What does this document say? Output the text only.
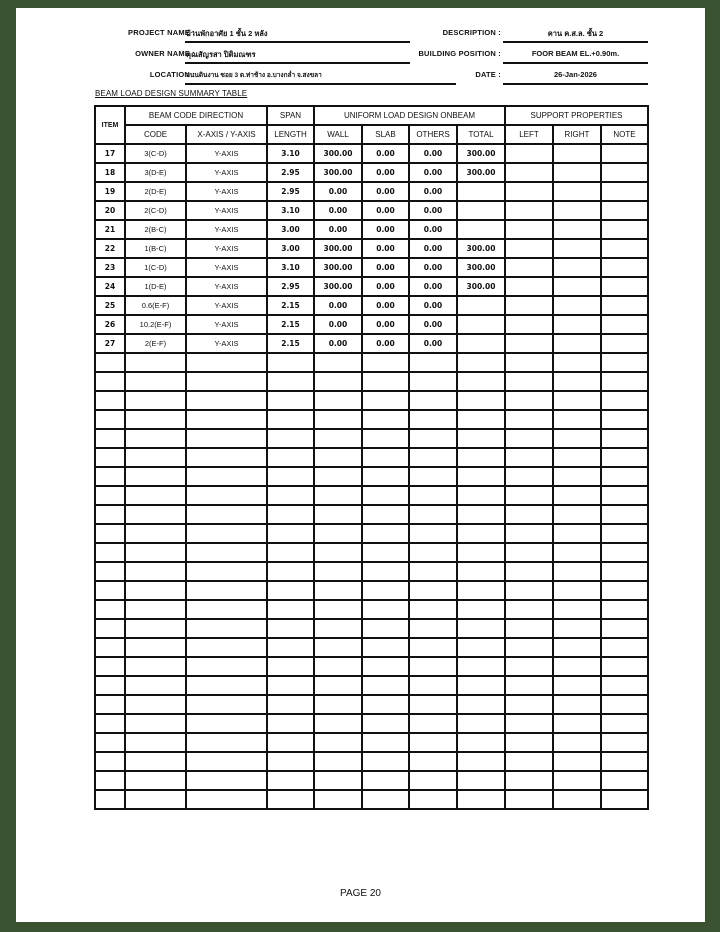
PROJECT NAME :
บ้านพักอาศัย 1 ชั้น 2 หลัง
OWNER NAME :
คุณสัญรสา ปิติมณฑร
LOCATION :
ถนนดินงาน ซอย 3 ต.ท่าช้าง อ.บางกล่ำ จ.สงขลา
DESCRIPTION :	คาน ค.ส.ล. ชั้น 2
BUILDING POSITION :	FOOR BEAM EL.+0.90m.
DATE :	26-Jan-2026
BEAM LOAD DESIGN SUMMARY TABLE
ITEM	BEAM CODE DIRECTION		SPAN	UNIFORM LOAD DESIGN ONBEAM				SUPPORT PROPERTIES		
	CODE	X-AXIS / Y-AXIS	LENGTH	WALL	SLAB	OTHERS	TOTAL	LEFT	RIGHT	NOTE
17	3(C-D)	Y-AXIS	3.10	300.00	0.00	0.00	300.00			
18	3(D-E)	Y-AXIS	2.95	300.00	0.00	0.00	300.00			
19	2(D-E)	Y-AXIS	2.95	0.00	0.00	0.00				
20	2(C-D)	Y-AXIS	3.10	0.00	0.00	0.00				
21	2(B-C)	Y-AXIS	3.00	0.00	0.00	0.00				
22	1(B-C)	Y-AXIS	3.00	300.00	0.00	0.00	300.00			
23	1(C-D)	Y-AXIS	3.10	300.00	0.00	0.00	300.00			
24	1(D-E)	Y-AXIS	2.95	300.00	0.00	0.00	300.00			
25	0.6(E-F)	Y-AXIS	2.15	0.00	0.00	0.00				
26	10.2(E-F)	Y-AXIS	2.15	0.00	0.00	0.00				
27	2(E-F)	Y-AXIS	2.15	0.00	0.00	0.00				

PAGE 20
